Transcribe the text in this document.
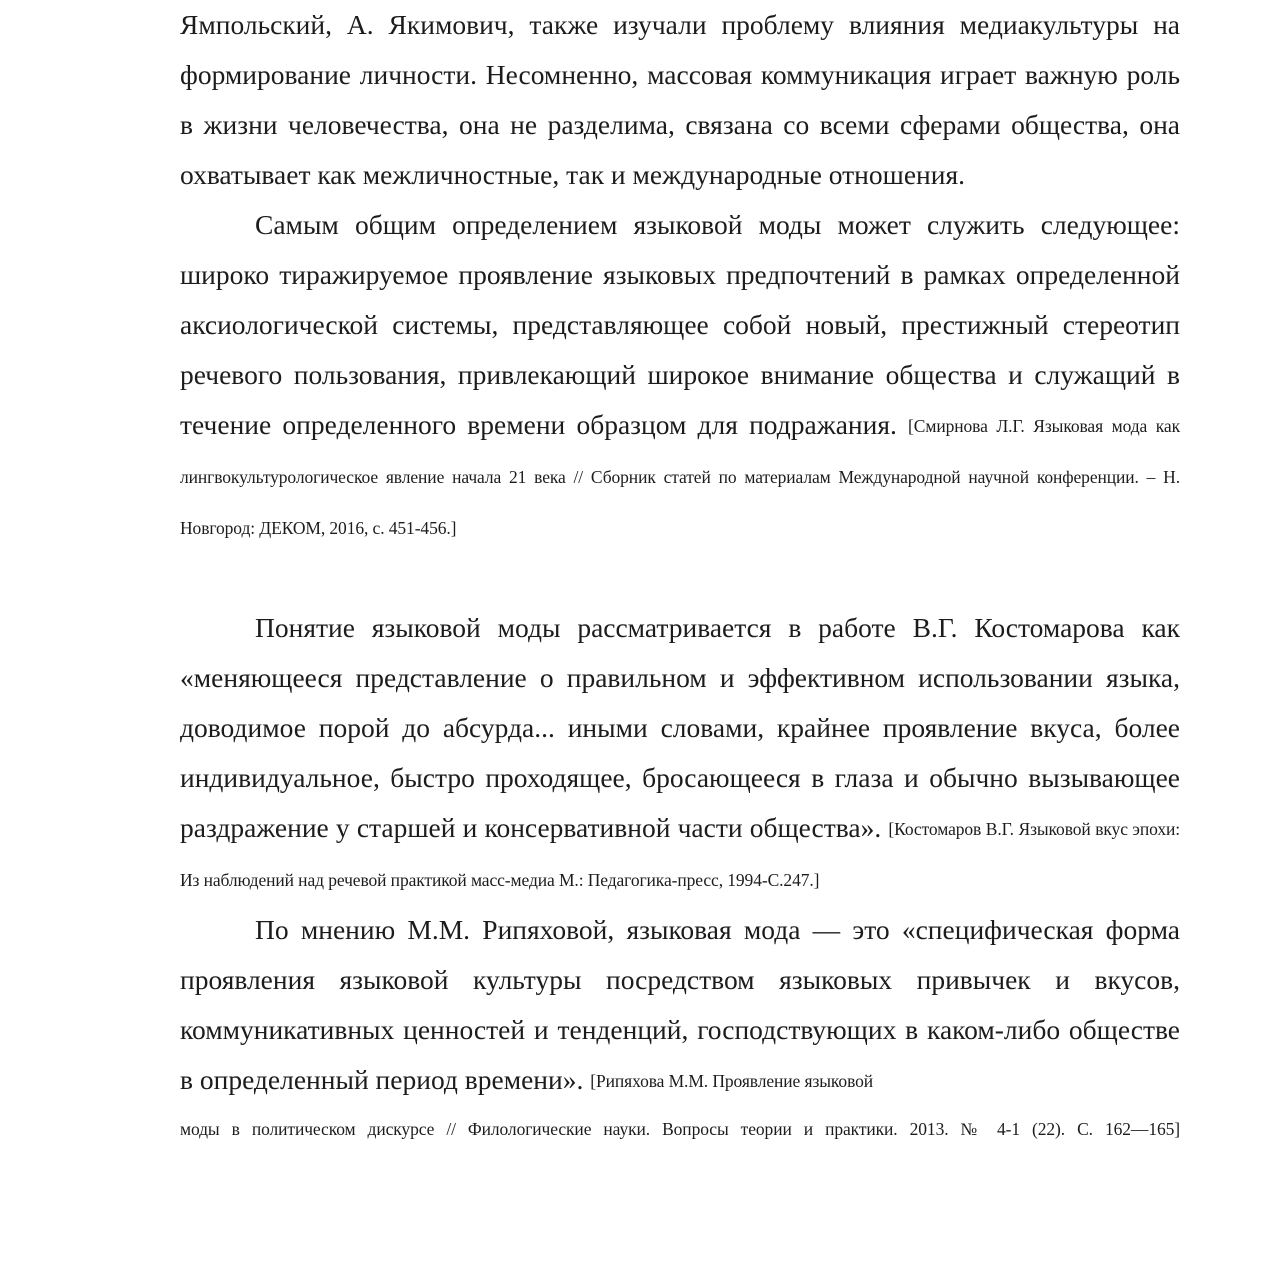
Ямпольский, А. Якимович, также изучали проблему влияния медиакультуры на формирование личности. Несомненно, массовая коммуникация играет важную роль в жизни человечества, она не разделима, связана со всеми сферами общества, она охватывает как межличностные, так и международные отношения.

Самым общим определением языковой моды может служить следующее: широко тиражируемое проявление языковых предпочтений в рамках определенной аксиологической системы, представляющее собой новый, престижный стереотип речевого пользования, привлекающий широкое внимание общества и служащий в течение определенного времени образцом для подражания. [Смирнова Л.Г. Языковая мода как лингвокультурологическое явление начала 21 века // Сборник статей по материалам Международной научной конференции. – Н. Новгород: ДЕКОМ, 2016, с. 451-456.]

Понятие языковой моды рассматривается в работе В.Г. Костомарова как «меняющееся представление о правильном и эффективном использовании языка, доводимое порой до абсурда... иными словами, крайнее проявление вкуса, более индивидуальное, быстро проходящее, бросающееся в глаза и обычно вызывающее раздражение у старшей и консервативной части общества». [Костомаров В.Г. Языковой вкус эпохи: Из наблюдений над речевой практикой масс-медиа М.: Педагогика-пресс, 1994-С.247.]

По мнению М.М. Рипяховой, языковая мода — это «специфическая форма проявления языковой культуры посредством языковых привычек и вкусов, коммуникативных ценностей и тенденций, господствующих в каком-либо обществе в определенный период времени». [Рипяхова М.М. Проявление языковой

моды в политическом дискурсе // Филологические науки. Вопросы теории и практики. 2013. № 4-1 (22). С. 162—165]
